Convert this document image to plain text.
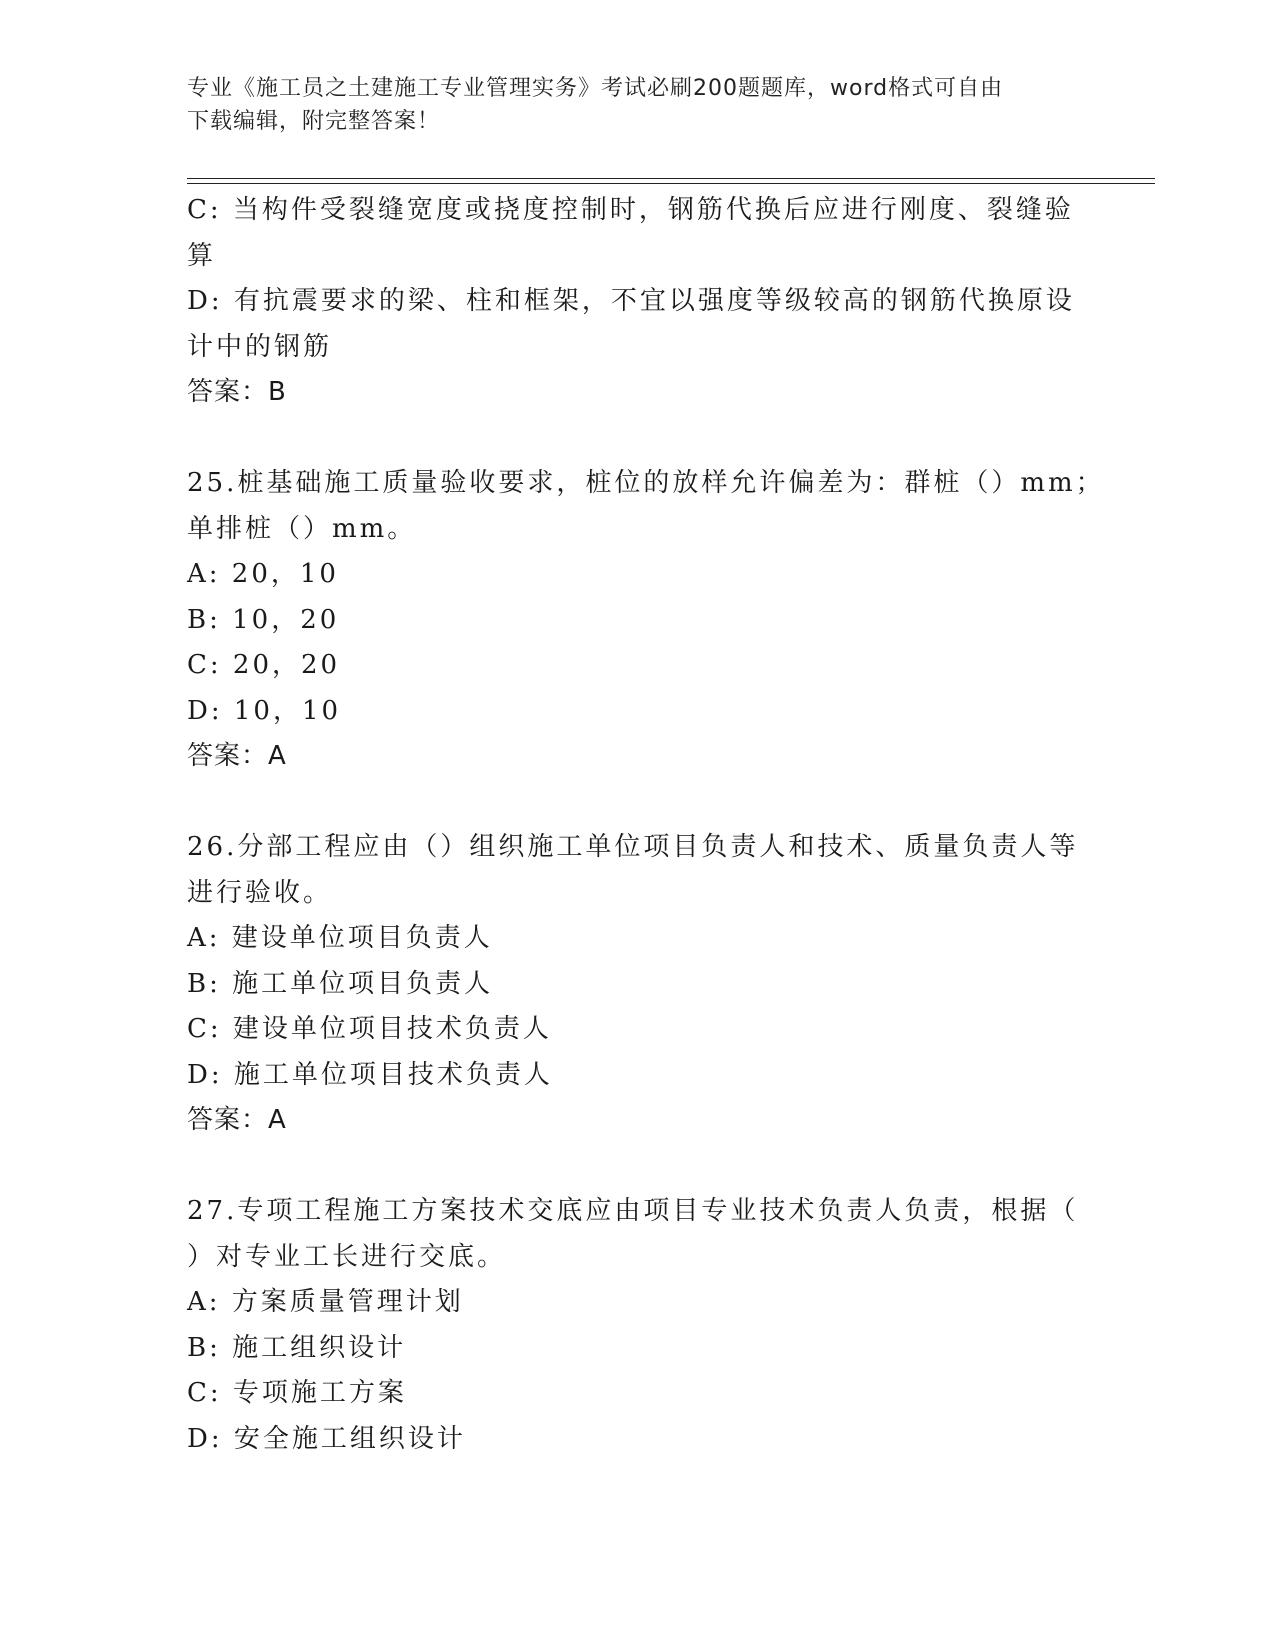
专业《施工员之土建施工专业管理实务》考试必刷200题题库，word格式可自由
下载编辑，附完整答案！
C: 当构件受裂缝宽度或挠度控制时，钢筋代换后应进行刚度、裂缝验
算
D: 有抗震要求的梁、柱和框架，不宜以强度等级较高的钢筋代换原设
计中的钢筋
答案：B
25.桩基础施工质量验收要求，桩位的放样允许偏差为：群桩（）mm；
单排桩（）mm。
A: 20，10
B: 10，20
C: 20，20
D: 10，10
答案：A
26.分部工程应由（）组织施工单位项目负责人和技术、质量负责人等
进行验收。
A: 建设单位项目负责人
B: 施工单位项目负责人
C: 建设单位项目技术负责人
D: 施工单位项目技术负责人
答案：A
27.专项工程施工方案技术交底应由项目专业技术负责人负责，根据（
）对专业工长进行交底。
A: 方案质量管理计划
B: 施工组织设计
C: 专项施工方案
D: 安全施工组织设计
